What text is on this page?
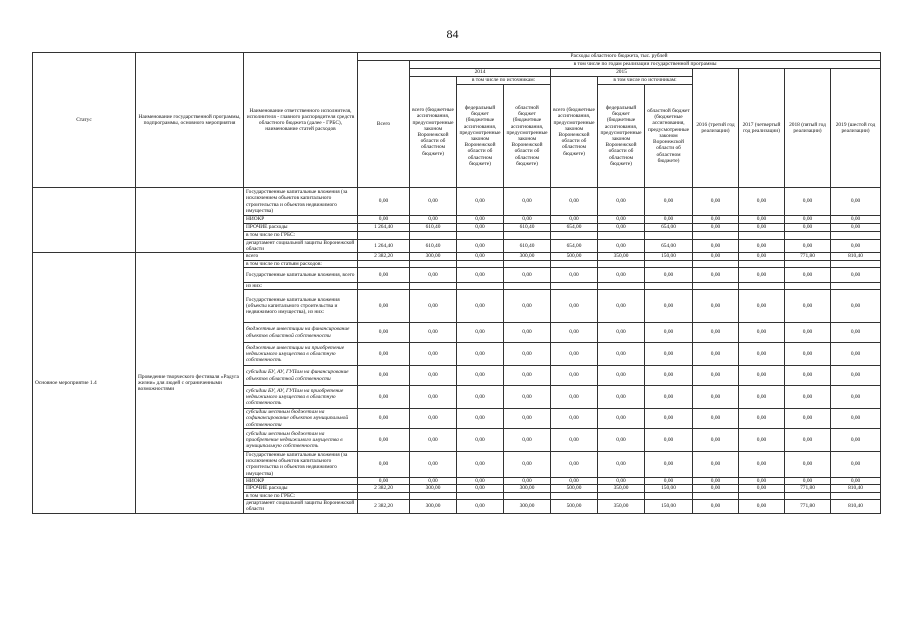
84
Статус	Наименование государственной программы, подпрограммы, основного мероприятия	Наименование ответственного исполнителя, исполнителя - главного распорядителя средств областного бюджета (далее - ГРБС), наименование статей расходов	Расходы областного бюджета, тыс. рублей										
			Всего	в том числе по годам реализации государственной программы									
				2014			2015			2016 (третий год реализации)	2017 (четвертый год реализации)	2018 (пятый год реализации)	2019 (шестой год реализации)
				всего (бюджетные ассигнования, предусмотренные законом Воронежской области об областном бюджете)	в том числе по источникам:		всего (бюджетные ассигнования, предусмотренные законом Воронежской области об областном бюджете)	в том числе по источникам:					
					федеральный бюджет (бюджетные ассигнования, предусмотренные законом Воронежской области об областном бюджете)	областной бюджет (бюджетные ассигнования, предусмотренные законом Воронежской области об областном бюджете)		федеральный бюджет (бюджетные ассигнования, предусмотренные законом Воронежской области об областном бюджете)	областной бюджет (бюджетные ассигнования, предусмотренные законом Воронежской области об областном бюджете)				
		Государственные капитальные вложения (за исключением объектов капитального строительства и объектов недвижимого имущества)	0,00	0,00	0,00	0,00	0,00	0,00	0,00	0,00	0,00	0,00	0,00
		НИОКР	0,00	0,00	0,00	0,00	0,00	0,00	0,00	0,00	0,00	0,00	0,00
		ПРОЧИЕ расходы	1 264,40	610,40	0,00	610,40	654,00	0,00	654,00	0,00	0,00	0,00	0,00
		в том числе по ГРБС:											
		департамент социальной защиты Воронежской области	1 264,40	610,40	0,00	610,40	654,00	0,00	654,00	0,00	0,00	0,00	0,00
Основное мероприятие 1.4	Проведение творческого фестиваля «Радуга жизни» для людей с ограниченными возможностями	всего	2 382,20	300,00	0,00	300,00	500,00	350,00	150,00	0,00	0,00	771,80	810,40
		в том числе по статьям расходов:											
		Государственные капитальные вложения, всего	0,00	0,00	0,00	0,00	0,00	0,00	0,00	0,00	0,00	0,00	0,00
		из них:											
		Государственные капитальные вложения (объекты капитального строительства и недвижимого имущества), из них:	0,00	0,00	0,00	0,00	0,00	0,00	0,00	0,00	0,00	0,00	0,00
		бюджетные инвестиции на финансирование объектов областной собственности	0,00	0,00	0,00	0,00	0,00	0,00	0,00	0,00	0,00	0,00	0,00
		бюджетные инвестиции на приобретение недвижимого имущества в областную собственность	0,00	0,00	0,00	0,00	0,00	0,00	0,00	0,00	0,00	0,00	0,00
		субсидии БУ, АУ, ГУПам на финансирование объектов областной собственности	0,00	0,00	0,00	0,00	0,00	0,00	0,00	0,00	0,00	0,00	0,00
		субсидии БУ, АУ, ГУПам на приобретение недвижимого имущества в областную собственность	0,00	0,00	0,00	0,00	0,00	0,00	0,00	0,00	0,00	0,00	0,00
		субсидии местным бюджетам на софинансирование объектов муниципальной собственности	0,00	0,00	0,00	0,00	0,00	0,00	0,00	0,00	0,00	0,00	0,00
		субсидии местным бюджетам на приобретение недвижимого имущества в муниципальную собственность	0,00	0,00	0,00	0,00	0,00	0,00	0,00	0,00	0,00	0,00	0,00
		Государственные капитальные вложения (за исключением объектов капитального строительства и объектов недвижимого имущества)	0,00	0,00	0,00	0,00	0,00	0,00	0,00	0,00	0,00	0,00	0,00
		НИОКР	0,00	0,00	0,00	0,00	0,00	0,00	0,00	0,00	0,00	0,00	0,00
		ПРОЧИЕ расходы	2 382,20	300,00	0,00	300,00	500,00	350,00	150,00	0,00	0,00	771,80	810,40
		в том числе по ГРБС:											
		департамент социальной защиты Воронежской области	2 382,20	300,00	0,00	300,00	500,00	350,00	150,00	0,00	0,00	771,80	810,40
